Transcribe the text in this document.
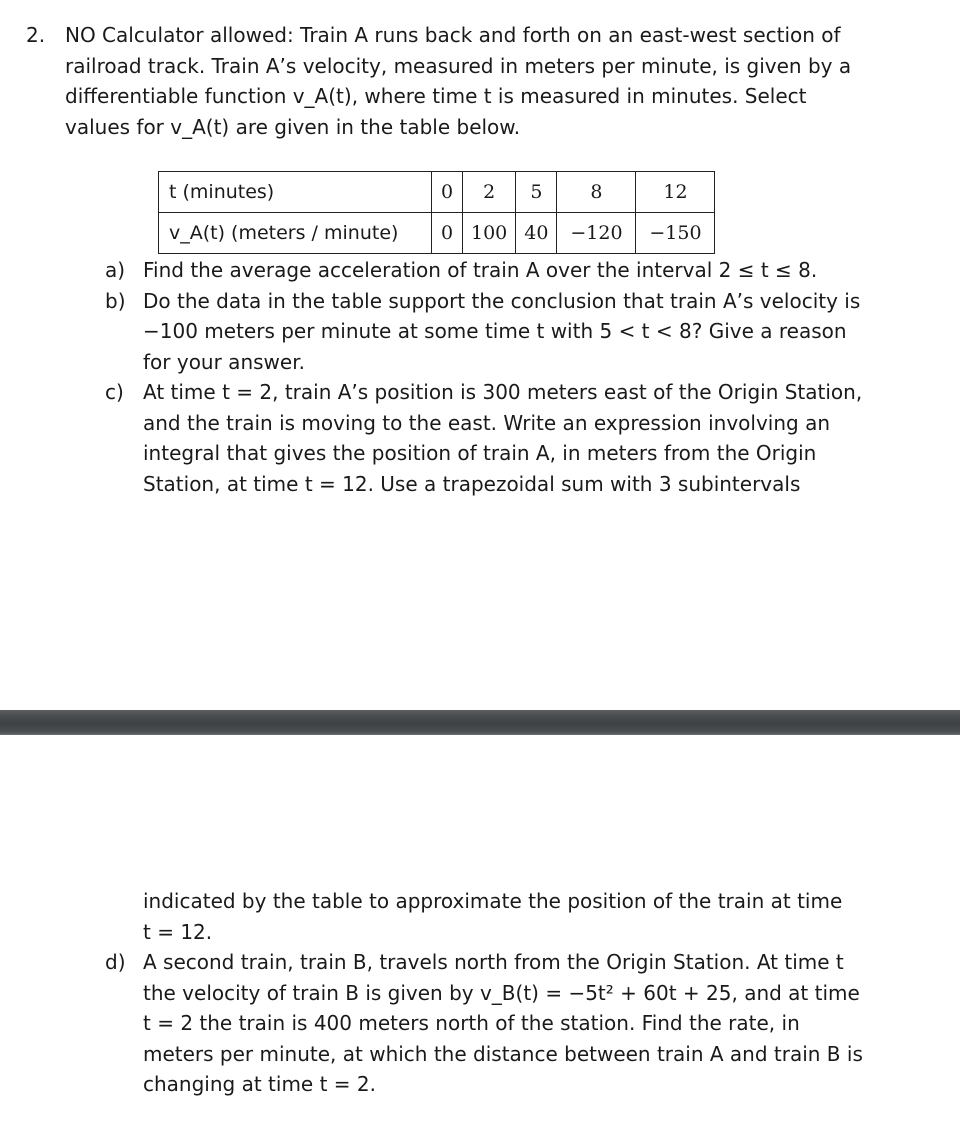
2. NO Calculator allowed: Train A runs back and forth on an east-west section of

railroad track. Train A’s velocity, measured in meters per minute, is given by a

differentiable function v_A(t), where time t is measured in minutes. Select

values for v_A(t) are given in the table below.

t (minutes)	0	2	5	8	12
v_A(t) (meters / minute)	0	100	40	−120	−150
a) Find the average acceleration of train A over the interval 2 ≤ t ≤ 8.
b) Do the data in the table support the conclusion that train A’s velocity is
−100 meters per minute at some time t with 5 < t < 8? Give a reason
for your answer.
c) At time t = 2, train A’s position is 300 meters east of the Origin Station,
and the train is moving to the east. Write an expression involving an
integral that gives the position of train A, in meters from the Origin
Station, at time t = 12. Use a trapezoidal sum with 3 subintervals
indicated by the table to approximate the position of the train at time
t = 12.
d) A second train, train B, travels north from the Origin Station. At time t
the velocity of train B is given by v_B(t) = −5t² + 60t + 25, and at time
t = 2 the train is 400 meters north of the station. Find the rate, in
meters per minute, at which the distance between train A and train B is
changing at time t = 2.
